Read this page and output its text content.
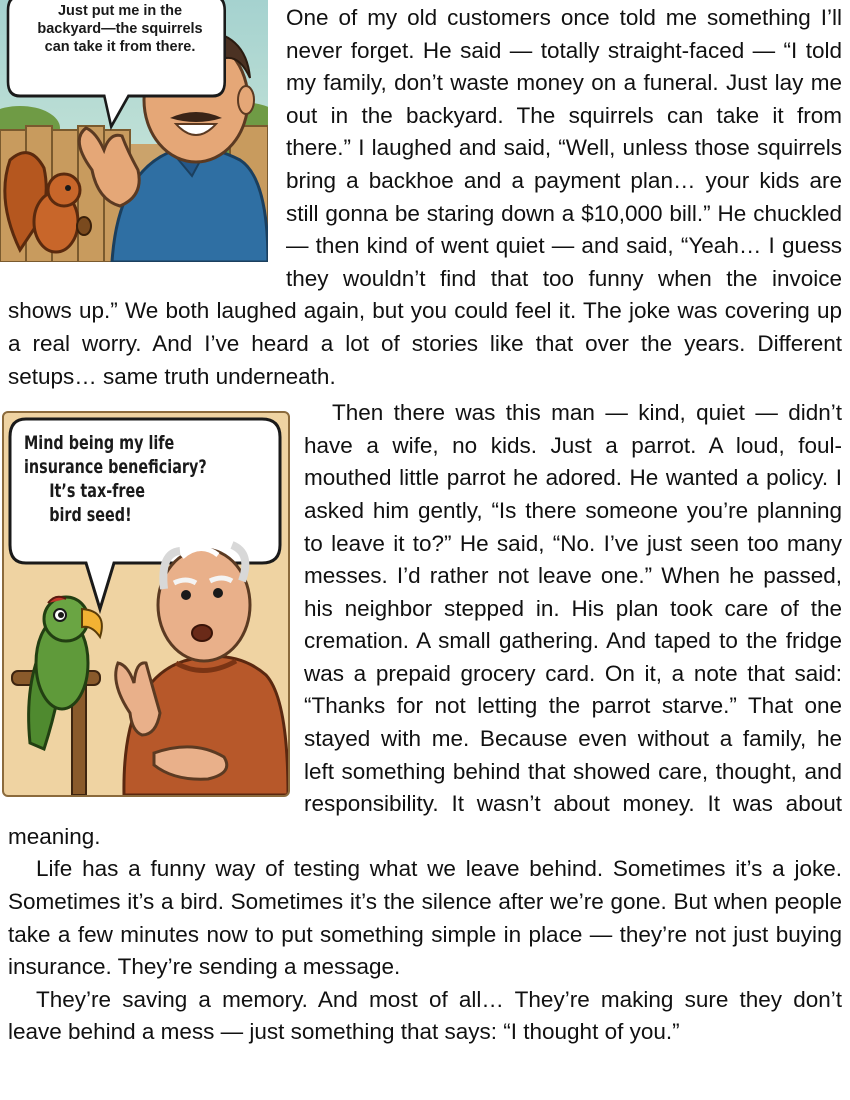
Just put me in the backyard—the squirrels can take it from there.

One of my old customers once told me something I’ll never forget. He said — totally straight-faced — “I told my family, don’t waste money on a funeral. Just lay me out in the backyard. The squirrels can take it from there.” I laughed and said, “Well, unless those squirrels bring a backhoe and a payment plan… your kids are still gonna be staring down a $10,000 bill.” He chuckled — then kind of went quiet — and said, “Yeah… I guess they wouldn’t find that too funny when the invoice shows up.” We both laughed again, but you could feel it. The joke was covering up a real worry. And I’ve heard a lot of stories like that over the years. Different setups… same truth underneath.

Mind being my life
insurance beneficiary?
It’s tax-free
bird seed!

Then there was this man — kind, quiet — didn’t have a wife, no kids. Just a parrot. A loud, foul-mouthed little parrot he adored. He wanted a policy. I asked him gently, “Is there someone you’re planning to leave it to?” He said, “No. I’ve just seen too many messes. I’d rather not leave one.” When he passed, his neighbor stepped in. His plan took care of the cremation. A small gathering. And taped to the fridge was a prepaid grocery card. On it, a note that said: “Thanks for not letting the parrot starve.” That one stayed with me. Because even without a family, he left something behind that showed care, thought, and responsibility. It wasn’t about money. It was about meaning.

Life has a funny way of testing what we leave behind. Sometimes it’s a joke. Sometimes it’s a bird. Sometimes it’s the silence after we’re gone. But when people take a few minutes now to put something simple in place — they’re not just buying insurance. They’re sending a message.

They’re saving a memory. And most of all… They’re making sure they don’t leave behind a mess — just something that says: “I thought of you.”
